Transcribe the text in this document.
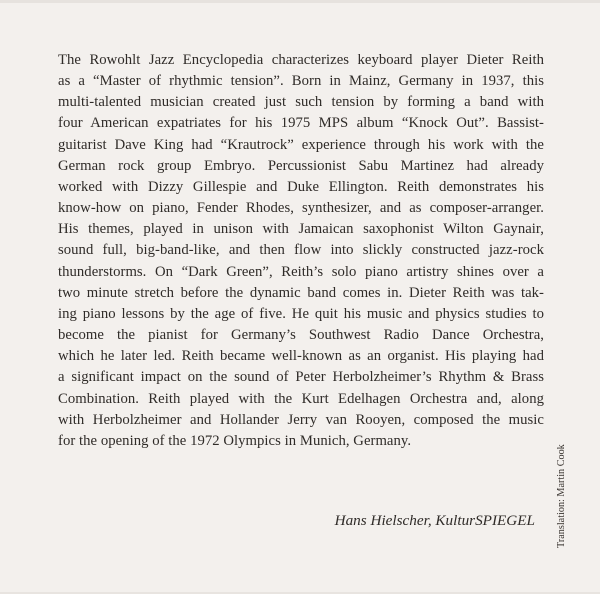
The Rowohlt Jazz Encyclopedia characterizes keyboard player Dieter Reith
as a “Master of rhythmic tension”. Born in Mainz, Germany in 1937, this
multi-talented musician created just such tension by forming a band with
four American expatriates for his 1975 MPS album “Knock Out”. Bassist-
guitarist Dave King had “Krautrock” experience through his work with the
German rock group Embryo. Percussionist Sabu Martinez had already
worked with Dizzy Gillespie and Duke Ellington. Reith demonstrates his
know-how on piano, Fender Rhodes, synthesizer, and as composer-arranger.
His themes, played in unison with Jamaican saxophonist Wilton Gaynair,
sound full, big-band-like, and then flow into slickly constructed jazz-rock
thunderstorms. On “Dark Green”, Reith’s solo piano artistry shines over a
two minute stretch before the dynamic band comes in. Dieter Reith was tak-
ing piano lessons by the age of five. He quit his music and physics studies to
become the pianist for Germany’s Southwest Radio Dance Orchestra,
which he later led. Reith became well-known as an organist. His playing had
a significant impact on the sound of Peter Herbolzheimer’s Rhythm & Brass
Combination. Reith played with the Kurt Edelhagen Orchestra and, along
with Herbolzheimer and Hollander Jerry van Rooyen, composed the music
for the opening of the 1972 Olympics in Munich, Germany.

Hans Hielscher, KulturSPIEGEL Translation: Martin Cook
